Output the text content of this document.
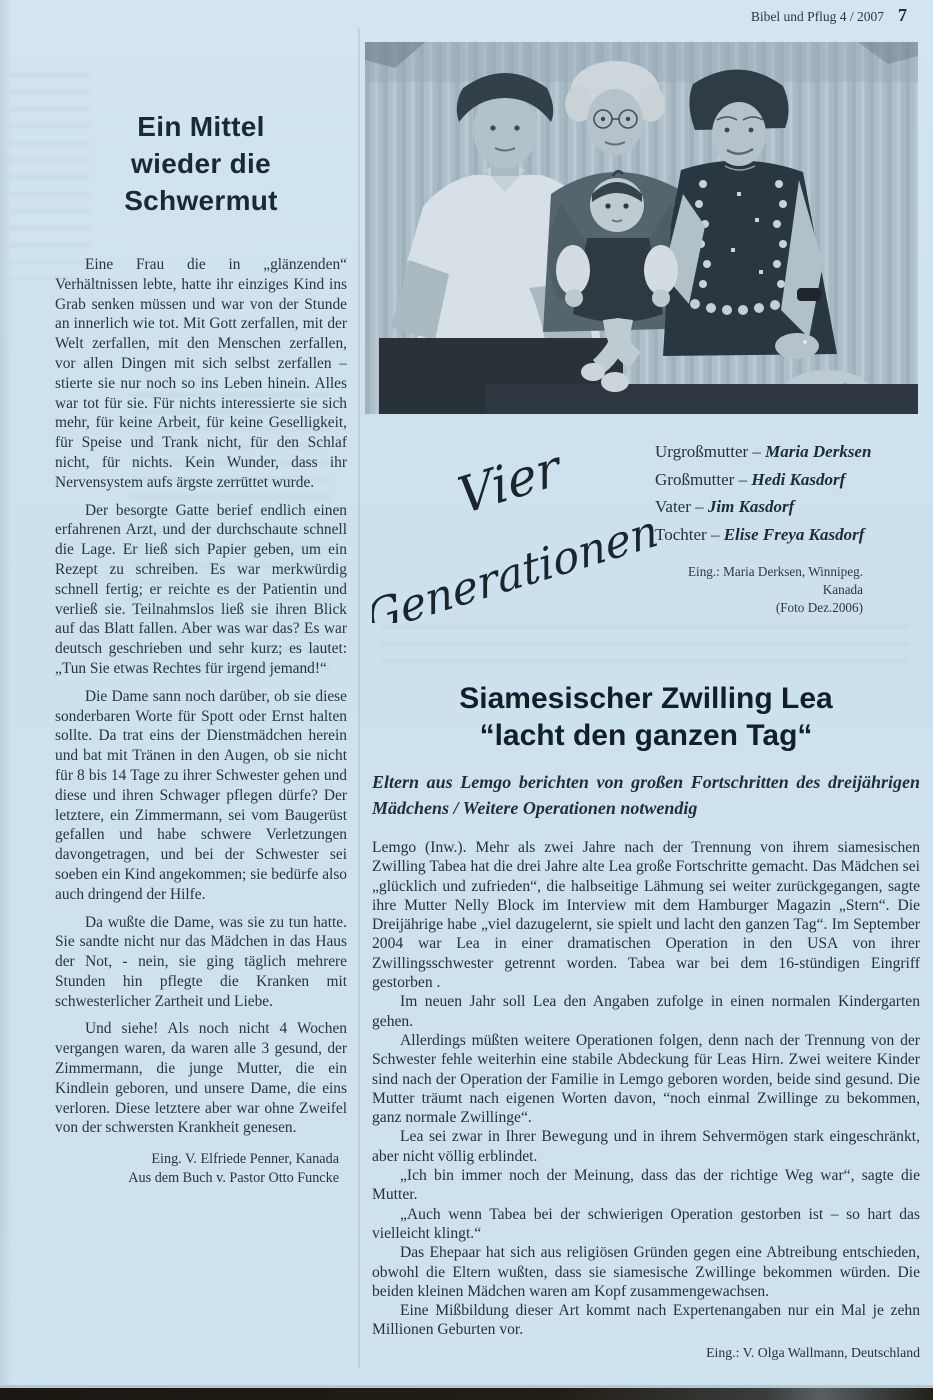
Bibel und Pflug 4 / 2007 7
Ein Mittel
wieder die
Schwermut

Eine Frau die in „glänzenden“ Verhältnissen lebte, hatte ihr einziges Kind ins Grab senken müssen und war von der Stunde an innerlich wie tot. Mit Gott zerfallen, mit der Welt zerfallen, mit den Menschen zerfallen, vor allen Dingen mit sich selbst zerfallen – stierte sie nur noch so ins Leben hinein. Alles war tot für sie. Für nichts interessierte sie sich mehr, für keine Arbeit, für keine Geselligkeit, für Speise und Trank nicht, für den Schlaf nicht, für nichts. Kein Wunder, dass ihr Nervensystem aufs ärgste zerrüttet wurde.

Der besorgte Gatte berief endlich einen erfahrenen Arzt, und der durchschaute schnell die Lage. Er ließ sich Papier geben, um ein Rezept zu schreiben. Es war merkwürdig schnell fertig; er reichte es der Patientin und verließ sie. Teilnahmslos ließ sie ihren Blick auf das Blatt fallen. Aber was war das? Es war deutsch geschrieben und sehr kurz; es lautet: „Tun Sie etwas Rechtes für irgend jemand!“

Die Dame sann noch darüber, ob sie diese sonderbaren Worte für Spott oder Ernst halten sollte. Da trat eins der Dienstmädchen herein und bat mit Tränen in den Augen, ob sie nicht für 8 bis 14 Tage zu ihrer Schwester gehen und diese und ihren Schwager pflegen dürfe? Der letztere, ein Zimmermann, sei vom Baugerüst gefallen und habe schwere Verletzungen davongetragen, und bei der Schwester sei soeben ein Kind angekommen; sie bedürfe also auch dringend der Hilfe.

Da wußte die Dame, was sie zu tun hatte. Sie sandte nicht nur das Mädchen in das Haus der Not, - nein, sie ging täglich mehrere Stunden hin pflegte die Kranken mit schwesterlicher Zartheit und Liebe.

Und siehe! Als noch nicht 4 Wochen vergangen waren, da waren alle 3 gesund, der Zimmermann, die junge Mutter, die ein Kindlein geboren, und unsere Dame, die eins verloren. Diese letztere aber war ohne Zweifel von der schwersten Krankheit genesen.

Eing. V. Elfriede Penner, Kanada
Aus dem Buch v. Pastor Otto Funcke
Vier
Generationen
Urgroßmutter – Maria Derksen
Großmutter – Hedi Kasdorf
Vater – Jim Kasdorf
Tochter – Elise Freya Kasdorf
Eing.: Maria Derksen, Winnipeg. Kanada
(Foto Dez.2006)
Siamesischer Zwilling Lea
“lacht den ganzen Tag“
Eltern aus Lemgo berichten von großen Fortschritten des dreijährigen Mädchens / Weitere Operationen notwendig

Lemgo (Inw.). Mehr als zwei Jahre nach der Trennung von ihrem siamesischen Zwilling Tabea hat die drei Jahre alte Lea große Fortschritte gemacht. Das Mädchen sei „glücklich und zufrieden“, die halbseitige Lähmung sei weiter zurückgegangen, sagte ihre Mutter Nelly Block im Interview mit dem Hamburger Magazin „Stern“. Die Dreijährige habe „viel dazugelernt, sie spielt und lacht den ganzen Tag“. Im September 2004 war Lea in einer dramatischen Operation in den USA von ihrer Zwillingsschwester getrennt worden. Tabea war bei dem 16-stündigen Eingriff gestorben .

Im neuen Jahr soll Lea den Angaben zufolge in einen normalen Kindergarten gehen.

Allerdings müßten weitere Operationen folgen, denn nach der Trennung von der Schwester fehle weiterhin eine stabile Abdeckung für Leas Hirn. Zwei weitere Kinder sind nach der Operation der Familie in Lemgo geboren worden, beide sind gesund. Die Mutter träumt nach eigenen Worten davon, “noch einmal Zwillinge zu bekommen, ganz normale Zwillinge“.

Lea sei zwar in Ihrer Bewegung und in ihrem Sehvermögen stark eingeschränkt, aber nicht völlig erblindet.

„Ich bin immer noch der Meinung, dass das der richtige Weg war“, sagte die Mutter.

„Auch wenn Tabea bei der schwierigen Operation gestorben ist – so hart das vielleicht klingt.“

Das Ehepaar hat sich aus religiösen Gründen gegen eine Abtreibung entschieden, obwohl die Eltern wußten, dass sie siamesische Zwillinge bekommen würden. Die beiden kleinen Mädchen waren am Kopf zusammengewachsen.

Eine Mißbildung dieser Art kommt nach Expertenangaben nur ein Mal je zehn Millionen Geburten vor.

Eing.: V. Olga Wallmann, Deutschland
